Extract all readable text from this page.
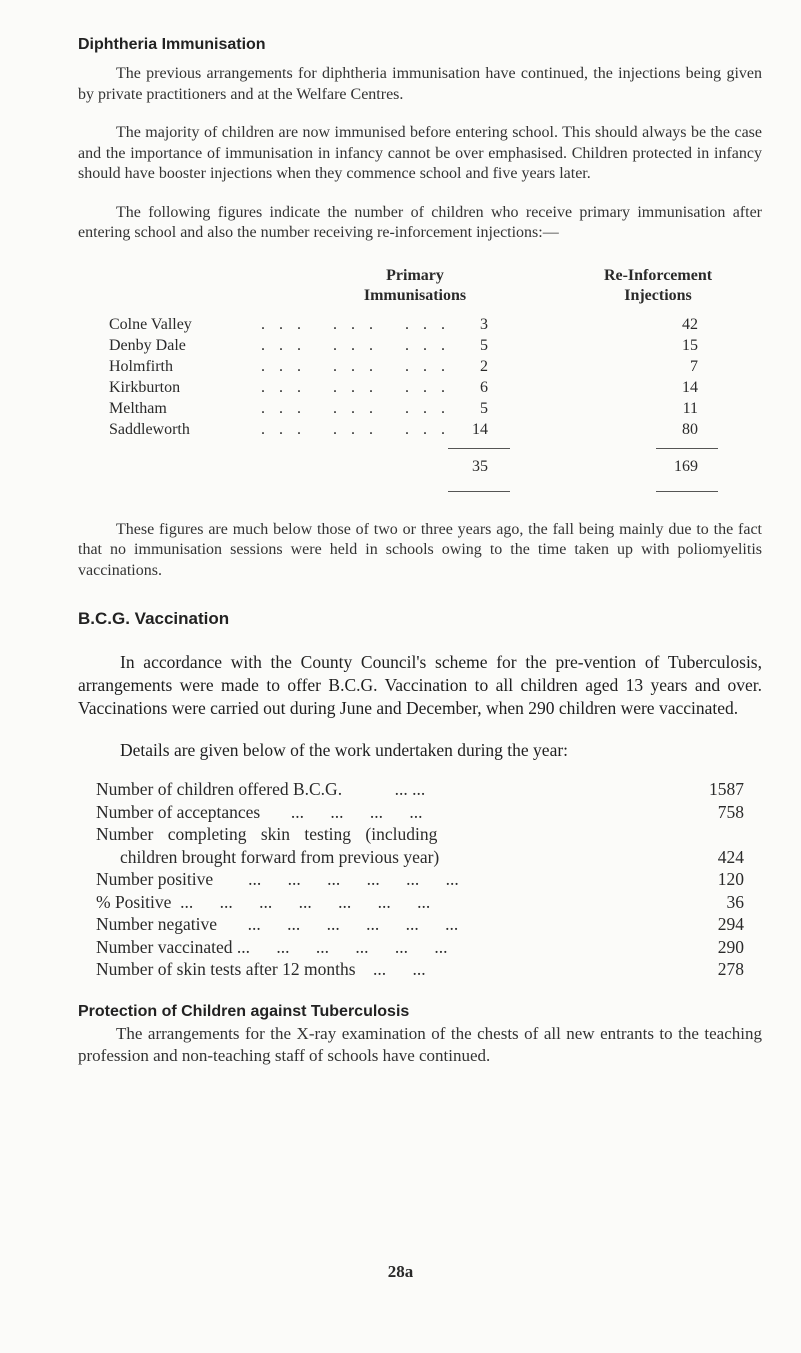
Diphtheria Immunisation

The previous arrangements for diphtheria immunisation have continued, the injections being given by private practitioners and at the Welfare Centres.

The majority of children are now immunised before entering school. This should always be the case and the importance of immunisation in infancy cannot be over emphasised. Children protected in infancy should have booster injections when they commence school and five years later.

The following figures indicate the number of children who receive primary immunisation after entering school and also the number receiving re-inforcement injections:—

Primary
Immunisations
Re-Inforcement
Injections
Colne Valley	... ... ...	3	42
Denby Dale	... ... ...	5	15
Holmfirth	... ... ...	2	7
Kirkburton	... ... ...	6	14
Meltham	... ... ...	5	11
Saddleworth	... ... ... 14	80
35	169

These figures are much below those of two or three years ago, the fall being mainly due to the fact that no immunisation sessions were held in schools owing to the time taken up with poliomyelitis vaccinations.

B.C.G. Vaccination

In accordance with the County Council's scheme for the pre-vention of Tuberculosis, arrangements were made to offer B.C.G. Vaccination to all children aged 13 years and over. Vaccinations were carried out during June and December, when 290 children were vaccinated.

Details are given below of the work undertaken during the year:

Number of children offered B.C.G.	... ...	1587
Number of acceptances ... ... ... ...	758
Number completing skin testing (including
children brought forward from previous year)	424
Number positive ... ... ... ... ... ...	120
% Positive ... ... ... ... ... ... ...	36
Number negative ... ... ... ... ... ...	294
Number vaccinated ... ... ... ... ... ...	290
Number of skin tests after 12 months ... ...	278
Protection of Children against Tuberculosis

The arrangements for the X-ray examination of the chests of all new entrants to the teaching profession and non-teaching staff of schools have continued.

28a
